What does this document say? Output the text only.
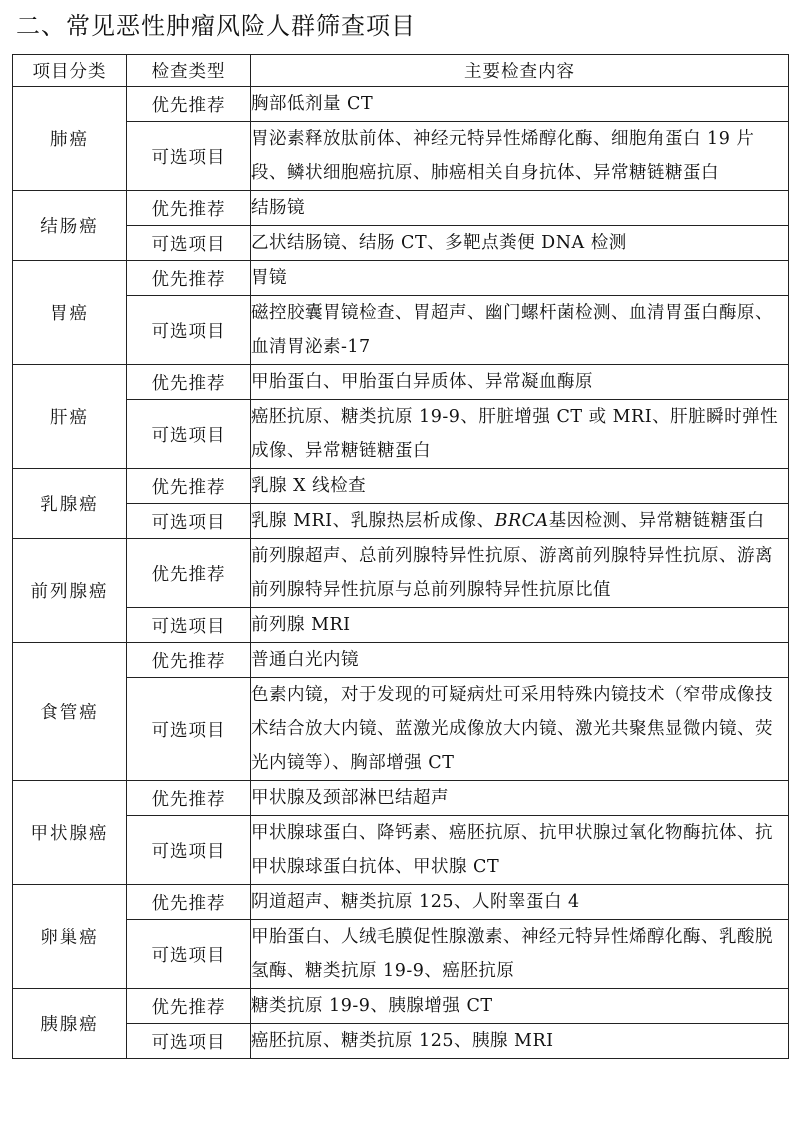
二、常见恶性肿瘤风险人群筛查项目
项目分类	检查类型	主要检查内容
肺癌	优先推荐	胸部低剂量 CT
	可选项目	胃泌素释放肽前体、神经元特异性烯醇化酶、细胞角蛋白 19 片段、鳞状细胞癌抗原、肺癌相关自身抗体、异常糖链糖蛋白
结肠癌	优先推荐	结肠镜
	可选项目	乙状结肠镜、结肠 CT、多靶点粪便 DNA 检测
胃癌	优先推荐	胃镜
	可选项目	磁控胶囊胃镜检查、胃超声、幽门螺杆菌检测、血清胃蛋白酶原、血清胃泌素-17
肝癌	优先推荐	甲胎蛋白、甲胎蛋白异质体、异常凝血酶原
	可选项目	癌胚抗原、糖类抗原 19-9、肝脏增强 CT 或 MRI、肝脏瞬时弹性成像、异常糖链糖蛋白
乳腺癌	优先推荐	乳腺 X 线检查
	可选项目	乳腺 MRI、乳腺热层析成像、BRCA基因检测、异常糖链糖蛋白
前列腺癌	优先推荐	前列腺超声、总前列腺特异性抗原、游离前列腺特异性抗原、游离前列腺特异性抗原与总前列腺特异性抗原比值
	可选项目	前列腺 MRI
食管癌	优先推荐	普通白光内镜
	可选项目	色素内镜，对于发现的可疑病灶可采用特殊内镜技术（窄带成像技术结合放大内镜、蓝激光成像放大内镜、激光共聚焦显微内镜、荧光内镜等）、胸部增强 CT
甲状腺癌	优先推荐	甲状腺及颈部淋巴结超声
	可选项目	甲状腺球蛋白、降钙素、癌胚抗原、抗甲状腺过氧化物酶抗体、抗甲状腺球蛋白抗体、甲状腺 CT
卵巢癌	优先推荐	阴道超声、糖类抗原 125、人附睾蛋白 4
	可选项目	甲胎蛋白、人绒毛膜促性腺激素、神经元特异性烯醇化酶、乳酸脱氢酶、糖类抗原 19-9、癌胚抗原
胰腺癌	优先推荐	糖类抗原 19-9、胰腺增强 CT
	可选项目	癌胚抗原、糖类抗原 125、胰腺 MRI
